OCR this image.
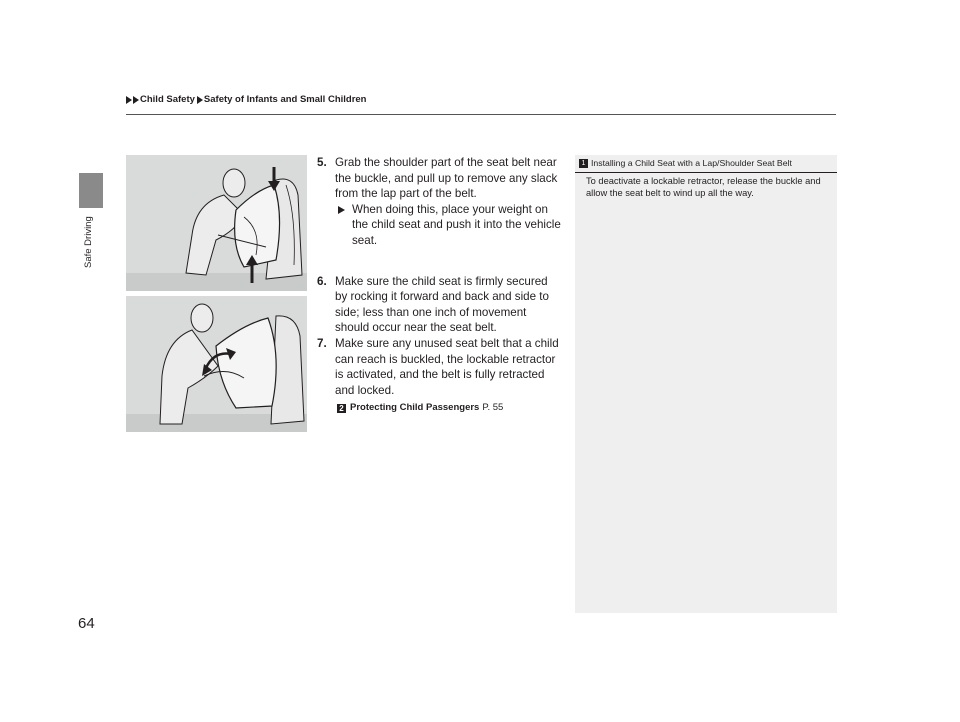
Child Safety Safety of Infants and Small Children
Safe Driving
5. Grab the shoulder part of the seat belt near the buckle, and pull up to remove any slack from the lap part of the belt.
When doing this, place your weight on the child seat and push it into the vehicle seat.
6. Make sure the child seat is firmly secured by rocking it forward and back and side to side; less than one inch of movement should occur near the seat belt.
7. Make sure any unused seat belt that a child can reach is buckled, the lockable retractor is activated, and the belt is fully retracted and locked.
2 Protecting Child Passengers P. 55
1 Installing a Child Seat with a Lap/Shoulder Seat Belt
To deactivate a lockable retractor, release the buckle and allow the seat belt to wind up all the way.
64
